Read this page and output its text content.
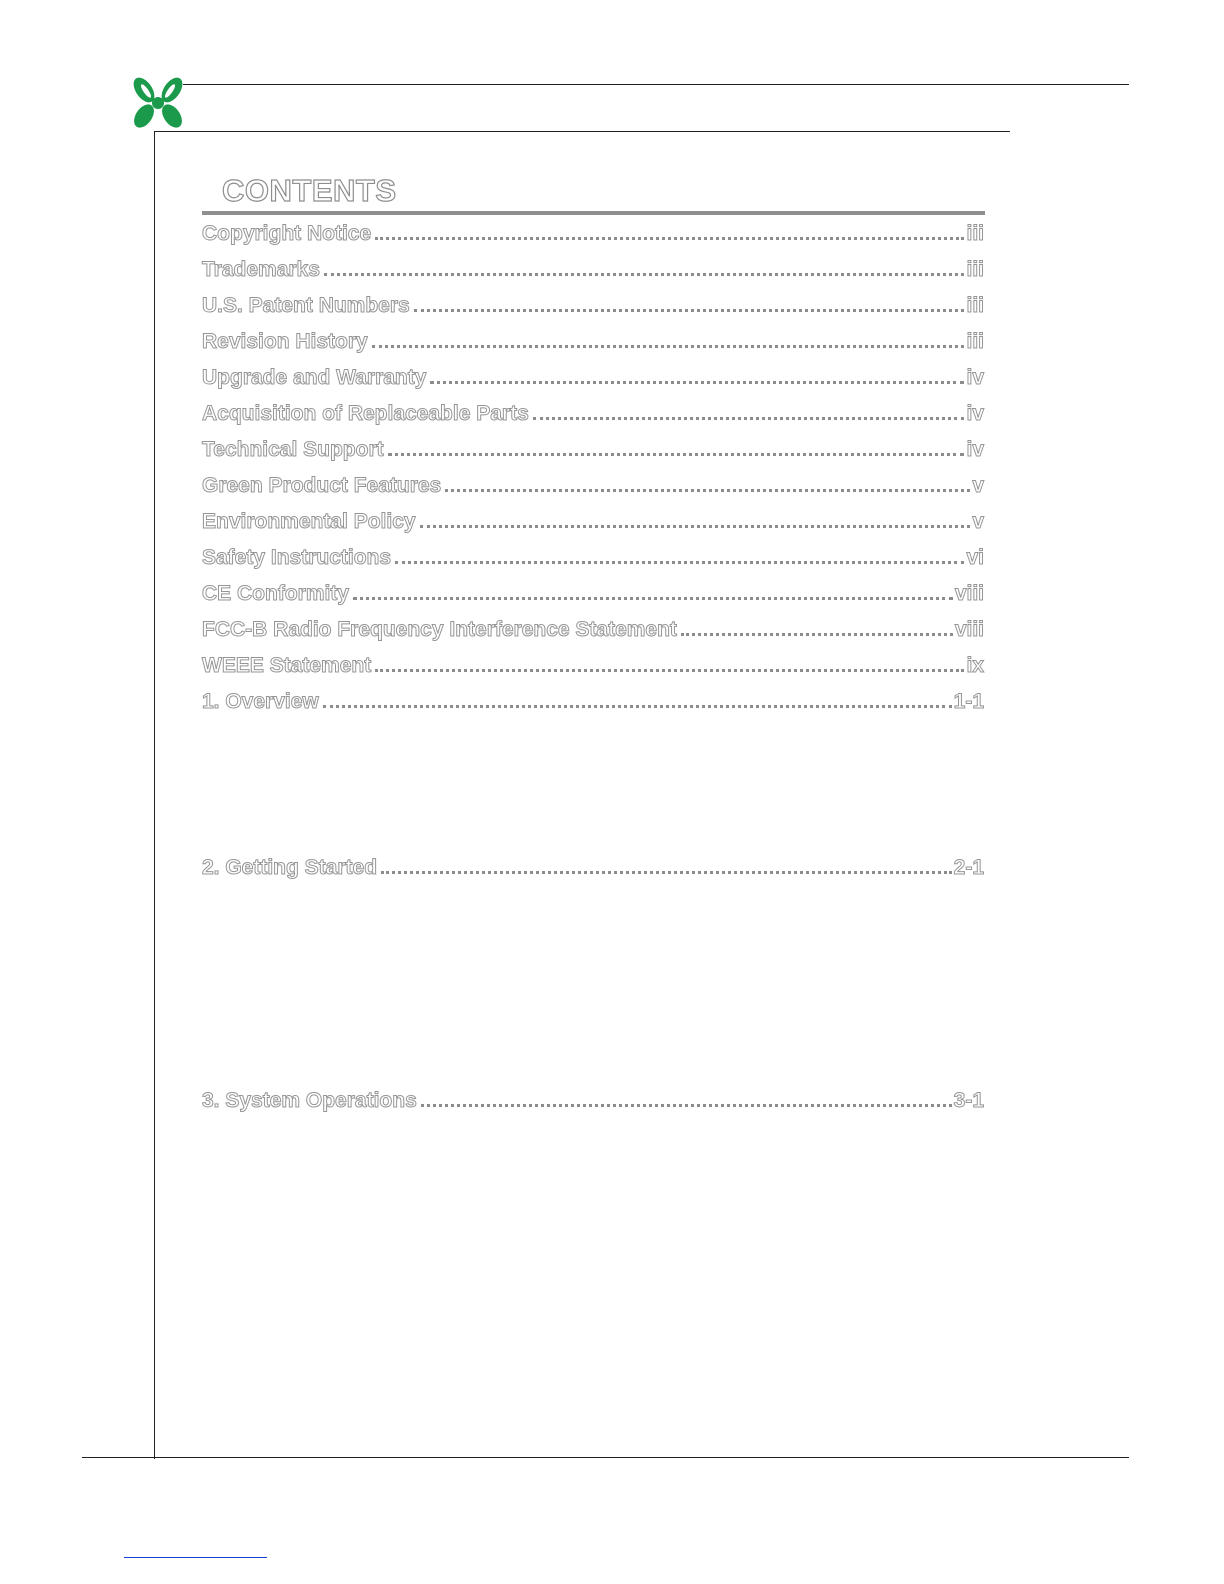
CONTENTS
Copyright Notice	iii
Trademarks	iii
U.S. Patent Numbers	iii
Revision History	iii
Upgrade and Warranty	iv
Acquisition of Replaceable Parts	iv
Technical Support	iv
Green Product Features	v
Environmental Policy	v
Safety Instructions	vi
CE Conformity	viii
FCC-B Radio Frequency Interference Statement	viii
WEEE Statement	ix
1. Overview	1-1
2. Getting Started	2-1
3. System Operations	3-1
